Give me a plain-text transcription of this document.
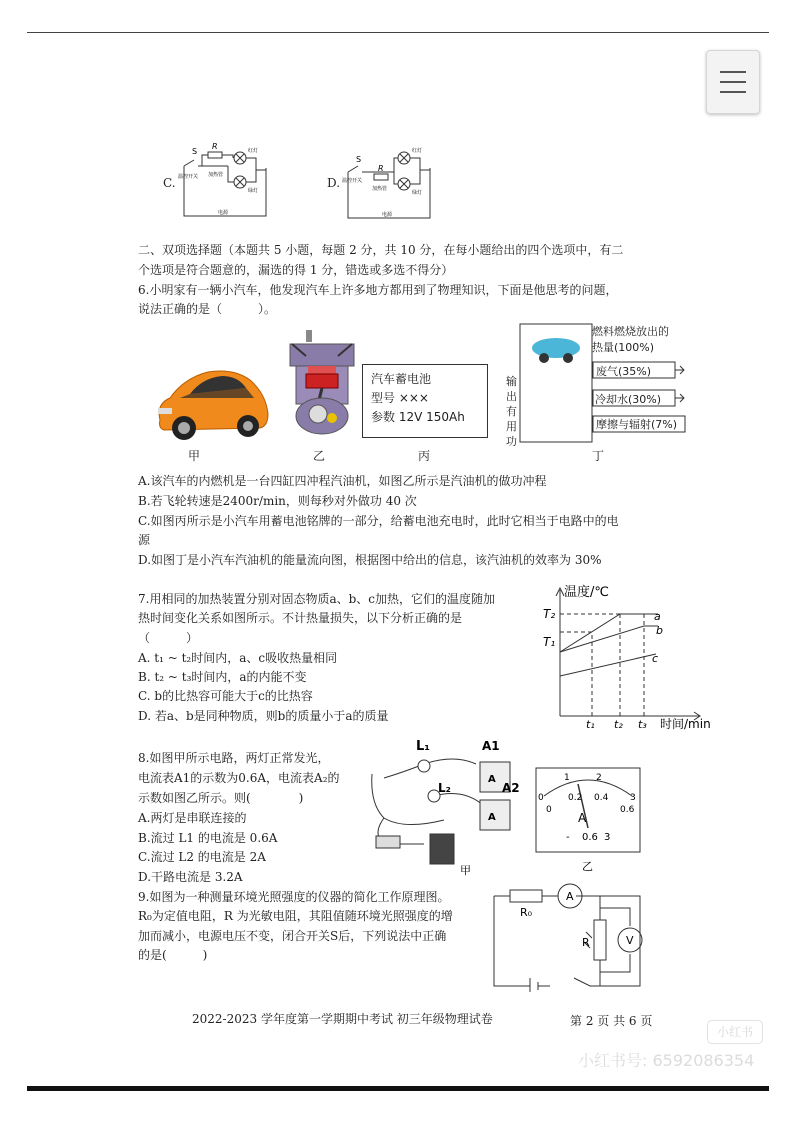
C.
S
R
温控开关 加热管
红灯
绿灯
电源
D.
S
R
温控开关
加热管
红灯
绿灯
电源
二、双项选择题（本题共 5 小题，每题 2 分，共 10 分，在每小题给出的四个选项中，有二
个选项是符合题意的，漏选的得 1 分，错选或多选不得分）
6.小明家有一辆小汽车，他发现汽车上许多地方都用到了物理知识，下面是他思考的问题，
说法正确的是（　　　）。
甲	乙
汽车蓄电池
型号 ×××
参数 12V 150Ah
丙
燃料燃烧放出的
热量(100%)
废气(35%)
冷却水(30%)
摩擦与辐射(7%)
输
出
有
用
功
丁
A.该汽车的内燃机是一台四缸四冲程汽油机，如图乙所示是汽油机的做功冲程
B.若飞轮转速是2400r/min，则每秒对外做功 40 次
C.如图丙所示是小汽车用蓄电池铭牌的一部分，给蓄电池充电时，此时它相当于电路中的电
源
D.如图丁是小汽车汽油机的能量流向图，根据图中给出的信息，该汽油机的效率为 30%
7.用相同的加热装置分别对固态物质a、b、c加热，它们的温度随加
热时间变化关系如图所示。不计热量损失，以下分析正确的是
（　　　）
A. t₁ ~ t₂时间内，a、c吸收热量相同
B. t₂ ~ t₃时间内，a的内能不变
C. b的比热容可能大于c的比热容
D. 若a、b是同种物质，则b的质量小于a的质量
温度/℃
T₂
T₁
a
b
c
t₁ t₂ t₃ 时间/min
8.如图甲所示电路，两灯正常发光，
电流表A1的示数为0.6A，电流表A₂的
示数如图乙所示。则(　　　　)
A.两灯是串联连接的
B.流过 L1 的电流是 0.6A
C.流过 L2 的电流是 2A
D.干路电流是 3.2A
L₁
L₂
A1
A2
A
A
甲
0
1	2
3
0
0.2 0.4
0.6
A
- 0.6 3
乙
9.如图为一种测量环境光照强度的仪器的简化工作原理图。
R₀为定值电阻，R 为光敏电阻，其阻值随环境光照强度的增
加而减小，电源电压不变，闭合开关S后，下列说法中正确
的是(　　　)
R₀
A
R	V
2022-2023 学年度第一学期期中考试 初三年级物理试卷	第 2 页 共 6 页
小红书
小红书号: 6592086354
